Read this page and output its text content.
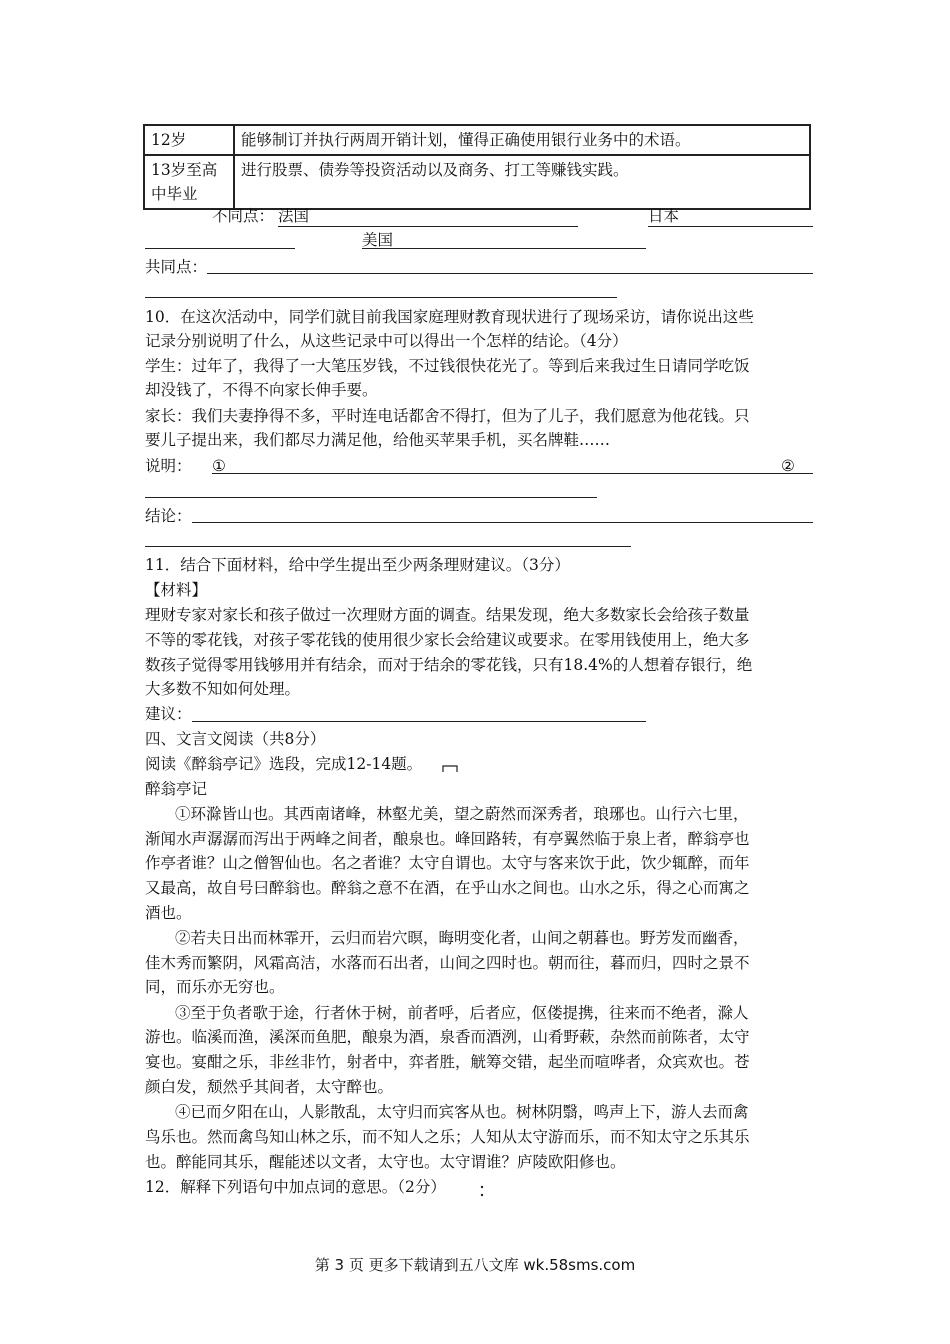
12岁	能够制订并执行两周开销计划，懂得正确使用银行业务中的术语。
13岁至高中毕业	进行股票、债券等投资活动以及商务、打工等赚钱实践。
不同点： 法国	日本
美国
共同点：
10．在这次活动中，同学们就目前我国家庭理财教育现状进行了现场采访，请你说出这些
记录分别说明了什么，从这些记录中可以得出一个怎样的结论。（4分）
学生：过年了，我得了一大笔压岁钱，不过钱很快花光了。等到后来我过生日请同学吃饭
却没钱了，不得不向家长伸手要。
家长：我们夫妻挣得不多，平时连电话都舍不得打，但为了儿子，我们愿意为他花钱。只
要儿子提出来，我们都尽力满足他，给他买苹果手机，买名牌鞋……
说明： ①	②
结论：
11．结合下面材料，给中学生提出至少两条理财建议。（3分）
【材料】
理财专家对家长和孩子做过一次理财方面的调查。结果发现，绝大多数家长会给孩子数量
不等的零花钱，对孩子零花钱的使用很少家长会给建议或要求。在零用钱使用上，绝大多
数孩子觉得零用钱够用并有结余，而对于结余的零花钱，只有18.4%的人想着存银行，绝
大多数不知如何处理。
建议：
四、文言文阅读（共8分）
阅读《醉翁亭记》选段，完成12-14题。
醉翁亭记
①环滁皆山也。其西南诸峰，林壑尤美，望之蔚然而深秀者，琅琊也。山行六七里，
渐闻水声潺潺而泻出于两峰之间者，酿泉也。峰回路转，有亭翼然临于泉上者，醉翁亭也
作亭者谁？山之僧智仙也。名之者谁？太守自谓也。太守与客来饮于此，饮少辄醉，而年
又最高，故自号曰醉翁也。醉翁之意不在酒，在乎山水之间也。山水之乐，得之心而寓之
酒也。
②若夫日出而林霏开，云归而岩穴暝，晦明变化者，山间之朝暮也。野芳发而幽香，
佳木秀而繁阴，风霜高洁，水落而石出者，山间之四时也。朝而往，暮而归，四时之景不
同，而乐亦无穷也。
③至于负者歌于途，行者休于树，前者呼，后者应，伛偻提携，往来而不绝者，滁人
游也。临溪而渔，溪深而鱼肥，酿泉为酒，泉香而酒洌，山肴野蔌，杂然而前陈者，太守
宴也。宴酣之乐，非丝非竹，射者中，弈者胜，觥筹交错，起坐而喧哗者，众宾欢也。苍
颜白发，颓然乎其间者，太守醉也。
④已而夕阳在山，人影散乱，太守归而宾客从也。树林阴翳，鸣声上下，游人去而禽
鸟乐也。然而禽鸟知山林之乐，而不知人之乐；人知从太守游而乐，而不知太守之乐其乐
也。醉能同其乐，醒能述以文者，太守也。太守谓谁？庐陵欧阳修也。
12．解释下列语句中加点词的意思。（2分）
第 3 页 更多下载请到五八文库 wk.58sms.com
